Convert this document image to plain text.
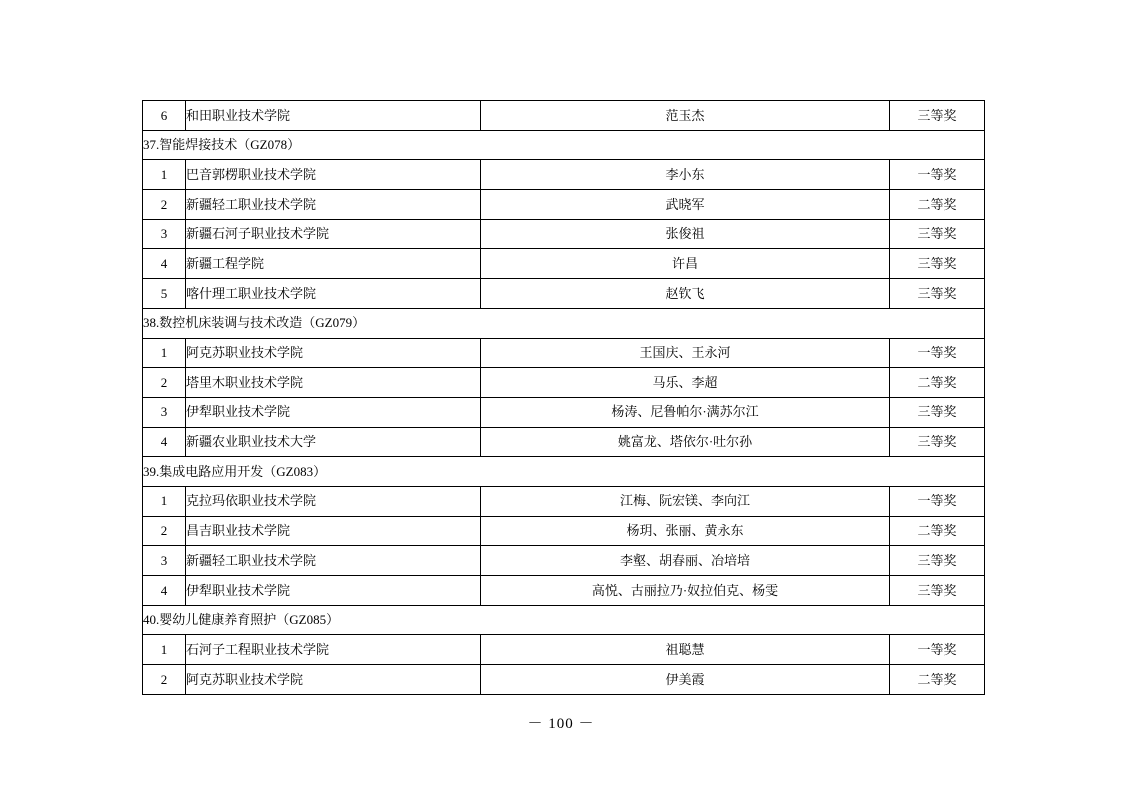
6	和田职业技术学院	范玉杰	三等奖
37.智能焊接技术（GZ078）			
1	巴音郭楞职业技术学院	李小东	一等奖
2	新疆轻工职业技术学院	武晓军	二等奖
3	新疆石河子职业技术学院	张俊祖	三等奖
4	新疆工程学院	许昌	三等奖
5	喀什理工职业技术学院	赵钦飞	三等奖
38.数控机床装调与技术改造（GZ079）			
1	阿克苏职业技术学院	王国庆、王永河	一等奖
2	塔里木职业技术学院	马乐、李超	二等奖
3	伊犁职业技术学院	杨涛、尼鲁帕尔·满苏尔江	三等奖
4	新疆农业职业技术大学	姚富龙、塔依尔·吐尔孙	三等奖
39.集成电路应用开发（GZ083）			
1	克拉玛依职业技术学院	江梅、阮宏镁、李向江	一等奖
2	昌吉职业技术学院	杨玥、张丽、黄永东	二等奖
3	新疆轻工职业技术学院	李壑、胡春丽、冶培培	三等奖
4	伊犁职业技术学院	高悦、古丽拉乃·奴拉伯克、杨雯	三等奖
40.婴幼儿健康养育照护（GZ085）			
1	石河子工程职业技术学院	祖聪慧	一等奖
2	阿克苏职业技术学院	伊美霞	二等奖
－ 100 －
